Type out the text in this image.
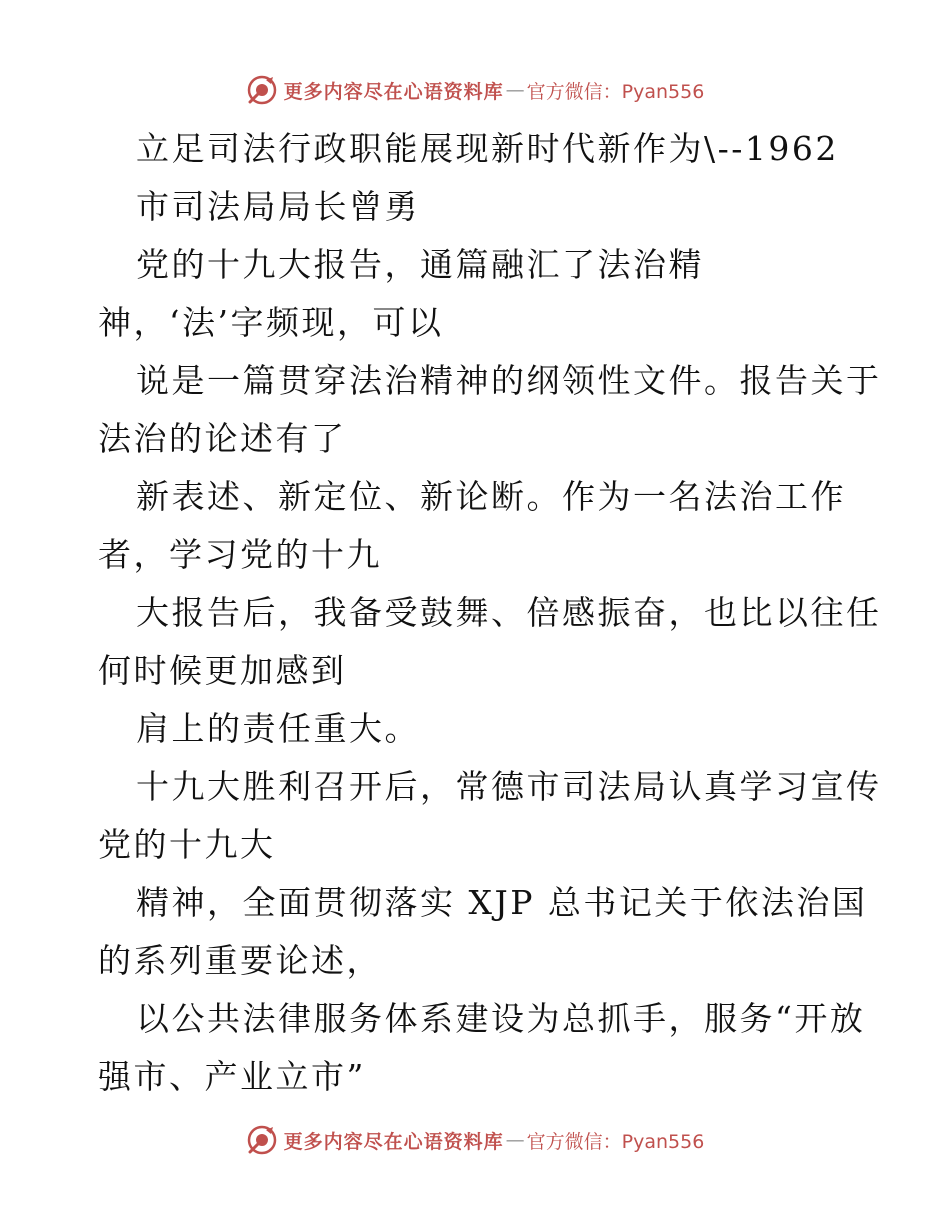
更多内容尽在心语资料库 — 官方微信：Pyan556
立足司法行政职能展现新时代新作为\--1962
市司法局局长曾勇
党的十九大报告，通篇融汇了法治精
神，‘法’字频现，可以
说是一篇贯穿法治精神的纲领性文件。报告关于
法治的论述有了
新表述、新定位、新论断。作为一名法治工作
者，学习党的十九
大报告后，我备受鼓舞、倍感振奋，也比以往任
何时候更加感到
肩上的责任重大。
十九大胜利召开后，常德市司法局认真学习宣传
党的十九大
精神，全面贯彻落实 XJP 总书记关于依法治国
的系列重要论述，
以公共法律服务体系建设为总抓手，服务“开放
强市、产业立市”
更多内容尽在心语资料库 — 官方微信：Pyan556
